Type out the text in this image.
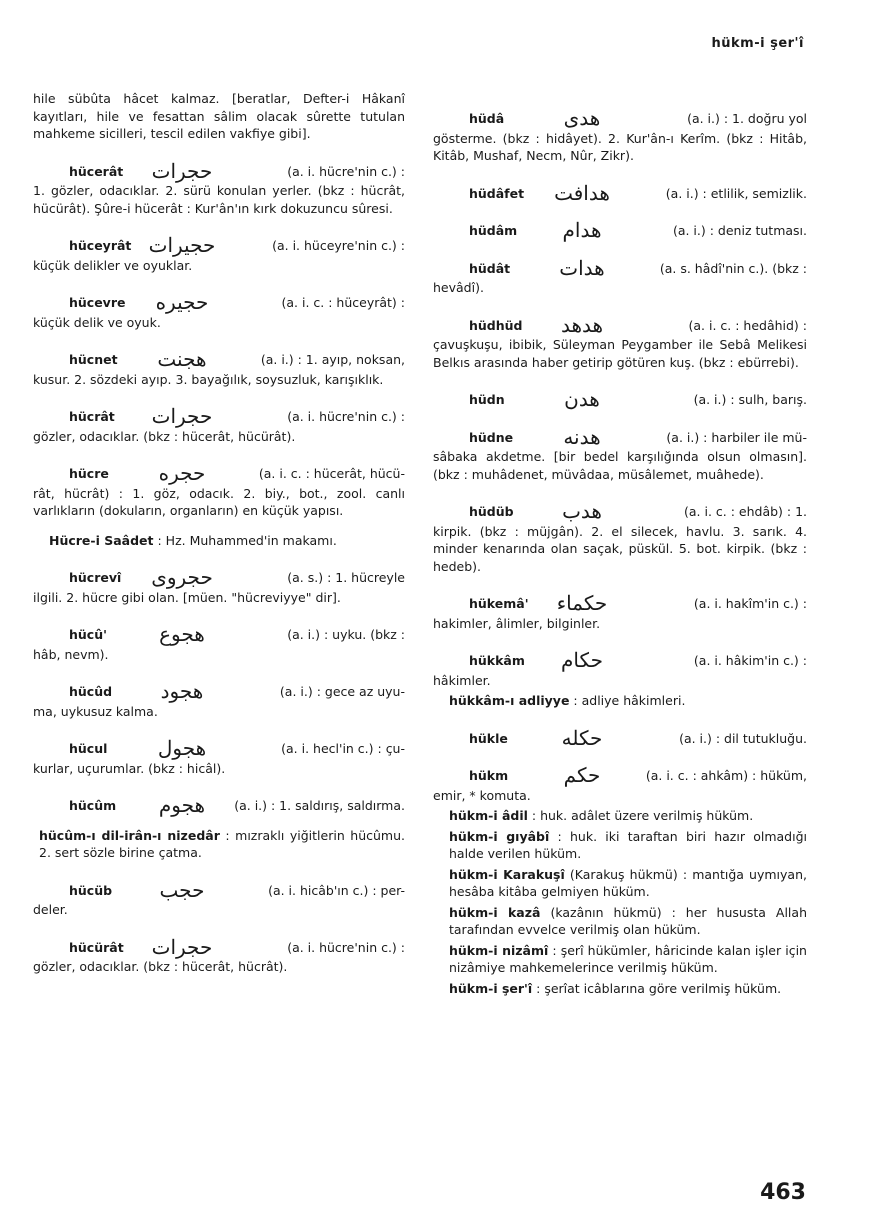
hükm-i şer'î
hile sübûta hâcet kalmaz. [beratlar, Defter-i Hâkanî kayıtları, hile ve fesattan sâlim olacak sûrette tutulan mahkeme sicilleri, tescil edilen vakfiye gibi].
hücerât	حجرات	(a. i. hücre'nin c.) :
1. gözler, odacıklar. 2. sürü konulan yerler. (bkz : hücrât, hücürât). Şûre-i hücerât : Kur'ân'ın kırk dokuzuncu sûresi.
hüceyrât حجيرات	(a. i. hüceyre'nin c.) :
küçük delikler ve oyuklar.
hücevre	حجيره	(a. i. c. : hüceyrât) :
küçük delik ve oyuk.
hücnet	هجنت	(a. i.) : 1. ayıp, noksan,
kusur. 2. sözdeki ayıp. 3. bayağılık, soysuzluk, karışıklık.
hücrât	حجرات	(a. i. hücre'nin c.) :
gözler, odacıklar. (bkz : hücerât, hücürât).
hücre	حجره	(a. i. c. : hücerât, hücü-
rât, hücrât) : 1. göz, odacık. 2. biy., bot., zool. canlı varlıkların (dokuların, organların) en küçük yapısı.
Hücre-i Saâdet : Hz. Muhammed'in makamı.
hücrevî	حجروى	(a. s.) : 1. hücreyle
ilgili. 2. hücre gibi olan. [müen. "hücreviyye" dir].
hücû'	هجوع	(a. i.) : uyku. (bkz :
hâb, nevm).
hücûd	هجود	(a. i.) : gece az uyu-
ma, uykusuz kalma.
hücul	هجول	(a. i. hecl'in c.) : çu-
kurlar, uçurumlar. (bkz : hicâl).
hücûm	هجوم	(a. i.) : 1. saldırış, saldırma.
hücûm-ı dil-irân-ı nizedâr : mızraklı yiğitlerin hücûmu. 2. sert sözle birine çatma.
hücüb	حجب	(a. i. hicâb'ın c.) : per-
deler.
hücürât	حجرات	(a. i. hücre'nin c.) :
gözler, odacıklar. (bkz : hücerât, hücrât).
hüdâ	هدى	(a. i.) : 1. doğru yol
gösterme. (bkz : hidâyet). 2. Kur'ân-ı Kerîm. (bkz : Hitâb, Kitâb, Mushaf, Necm, Nûr, Zikr).
hüdâfet	هدافت	(a. i.) : etlilik, semizlik.
hüdâm	هدام	(a. i.) : deniz tutması.
hüdât	هدات	(a. s. hâdî'nin c.). (bkz :
hevâdî).
hüdhüd	هدهد	(a. i. c. : hedâhid) :
çavuşkuşu, ibibik, Süleyman Peygamber ile Sebâ Melikesi Belkıs arasında haber getirip götüren kuş. (bkz : ebürrebi).
hüdn	هدن	(a. i.) : sulh, barış.
hüdne	هدنه	(a. i.) : harbiler ile mü-
sâbaka akdetme. [bir bedel karşılığında olsun olmasın]. (bkz : muhâdenet, müvâdaa, müsâlemet, muâhede).
hüdüb	هدب	(a. i. c. : ehdâb) : 1.
kirpik. (bkz : müjgân). 2. el silecek, havlu. 3. sarık. 4. minder kenarında olan saçak, püskül. 5. bot. kirpik. (bkz : hedeb).
hükemâ'	حكماء	(a. i. hakîm'in c.) :
hakimler, âlimler, bilginler.
hükkâm	حكام	(a. i. hâkim'in c.) :
hâkimler.
hükkâm-ı adliyye : adliye hâkimleri.
hükle	حكله	(a. i.) : dil tutukluğu.
hükm	حكم	(a. i. c. : ahkâm) : hüküm,
emir, * komuta.
hükm-i âdil : huk. adâlet üzere verilmiş hüküm.
hükm-i gıyâbî : huk. iki taraftan biri hazır olmadığı halde verilen hüküm.
hükm-i Karakuşî (Karakuş hükmü) : mantığa uymıyan, hesâba kitâba gelmiyen hüküm.
hükm-i kazâ (kazânın hükmü) : her hususta Allah tarafından evvelce verilmiş olan hüküm.
hükm-i nizâmî : şerî hükümler, hâricinde kalan işler için nizâmiye mahkemelerince verilmiş hüküm.
hükm-i şer'î : şerîat icâblarına göre verilmiş hüküm.
463
